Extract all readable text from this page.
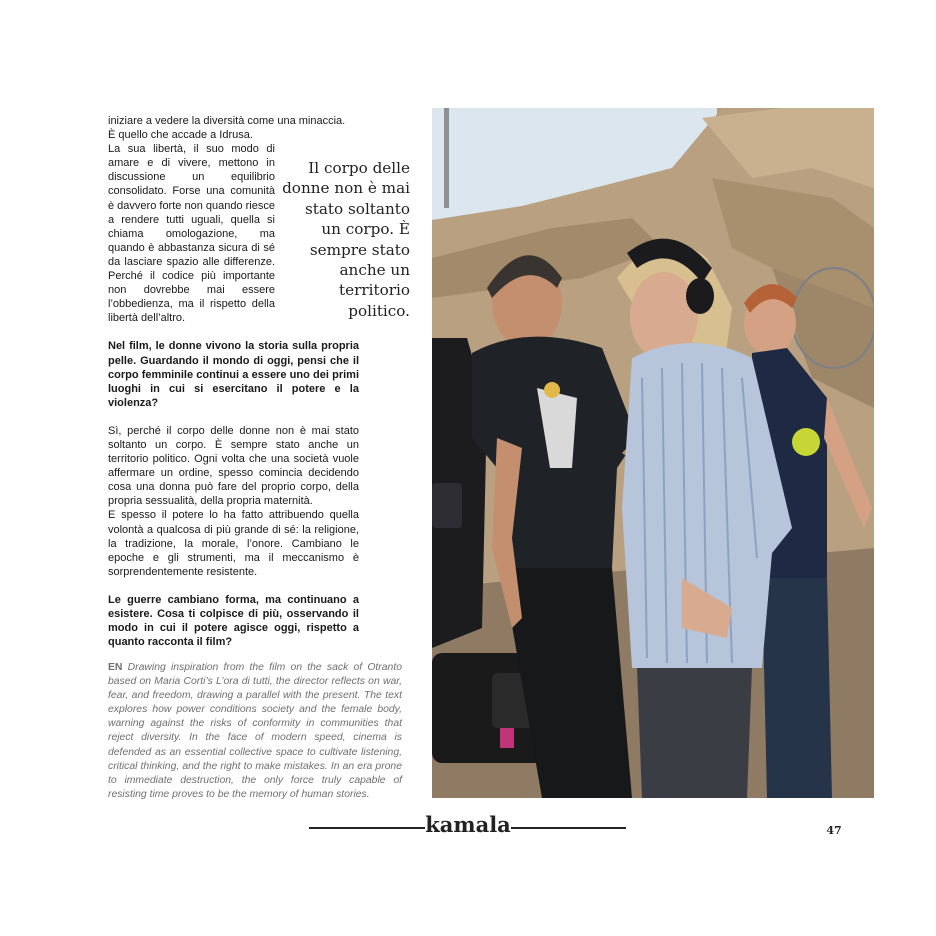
iniziare a vedere la diversità come una minaccia.

È quello che accade a Idrusa.

La sua libertà, il suo modo di amare e di vivere, mettono in discussione un equilibrio consolidato. Forse una comunità è davvero forte non quando riesce a rendere tutti uguali, quella si chiama omologazione, ma quando è abbastanza sicura di sé da lasciare spazio alle differenze. Perché il codice più importante non dovrebbe mai essere l’obbedienza, ma il rispetto della libertà dell’altro.

Nel film, le donne vivono la storia sulla propria pelle. Guardando il mondo di oggi, pensi che il corpo femminile continui a essere uno dei primi luoghi in cui si esercitano il potere e la violenza?

Sì, perché il corpo delle donne non è mai stato soltanto un corpo. È sempre stato anche un territorio politico. Ogni volta che una società vuole affermare un ordine, spesso comincia decidendo cosa una donna può fare del proprio corpo, della propria sessualità, della propria maternità.

E spesso il potere lo ha fatto attribuendo quella volontà a qualcosa di più grande di sé: la religione, la tradizione, la morale, l’onore. Cambiano le epoche e gli strumenti, ma il meccanismo è sorprendentemente resistente.

Le guerre cambiano forma, ma continuano a esistere. Cosa ti colpisce di più, osservando il modo in cui il potere agisce oggi, rispetto a quanto racconta il film?

Il corpo delle donne non è mai stato soltanto un corpo. È sempre stato anche un territorio politico.
EN Drawing inspiration from the film on the sack of Otranto based on Maria Corti’s L’ora di tutti, the director reflects on war, fear, and freedom, drawing a parallel with the present. The text explores how power conditions society and the female body, warning against the risks of conformity in communities that reject diversity. In the face of modern speed, cinema is defended as an essential collective space to cultivate listening, critical thinking, and the right to make mistakes. In an era prone to immediate destruction, the only force truly capable of resisting time proves to be the memory of human stories.
kamala	47
